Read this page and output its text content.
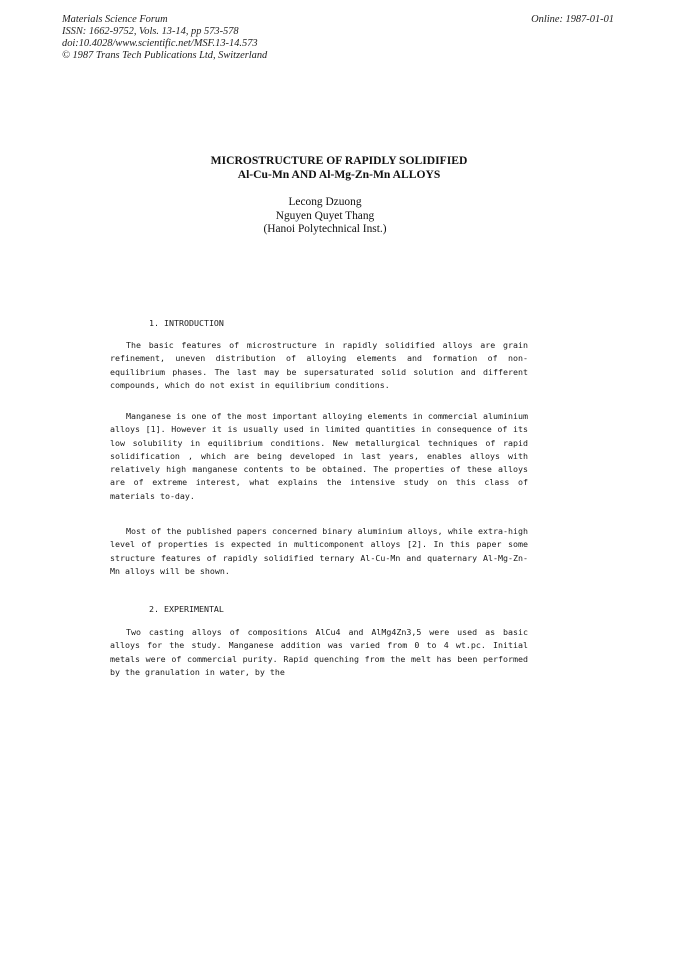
Materials Science Forum
ISSN: 1662-9752, Vols. 13-14, pp 573-578
doi:10.4028/www.scientific.net/MSF.13-14.573
© 1987 Trans Tech Publications Ltd, Switzerland
Online: 1987-01-01
MICROSTRUCTURE OF RAPIDLY SOLIDIFIED
Al-Cu-Mn AND Al-Mg-Zn-Mn ALLOYS
Lecong Dzuong
Nguyen Quyet Thang
(Hanoi Polytechnical Inst.)
1. INTRODUCTION
The basic features of microstructure in rapidly solidified alloys are grain refinement, uneven distribution of alloying elements and formation of non-equilibrium phases. The last may be supersaturated solid solution and different compounds, which do not exist in equilibrium conditions.
Manganese is one of the most important alloying elements in commercial aluminium alloys [1]. However it is usually used in limited quantities in consequence of its low solubility in equilibrium conditions. New metallurgical techniques of rapid solidification , which are being developed in last years, enables alloys with relatively high manganese contents to be obtained. The properties of these alloys are of extreme interest, what explains the intensive study on this class of materials to-day.
Most of the published papers concerned binary aluminium alloys, while extra-high level of properties is expected in multicomponent alloys [2]. In this paper some structure features of rapidly solidified ternary Al-Cu-Mn and quaternary Al-Mg-Zn-Mn alloys will be shown.
2. EXPERIMENTAL
Two casting alloys of compositions AlCu4 and AlMg4Zn3,5 were used as basic alloys for the study. Manganese addition was varied from 0 to 4 wt.pc. Initial metals were of commercial purity. Rapid quenching from the melt has been performed by the granulation in water, by the
